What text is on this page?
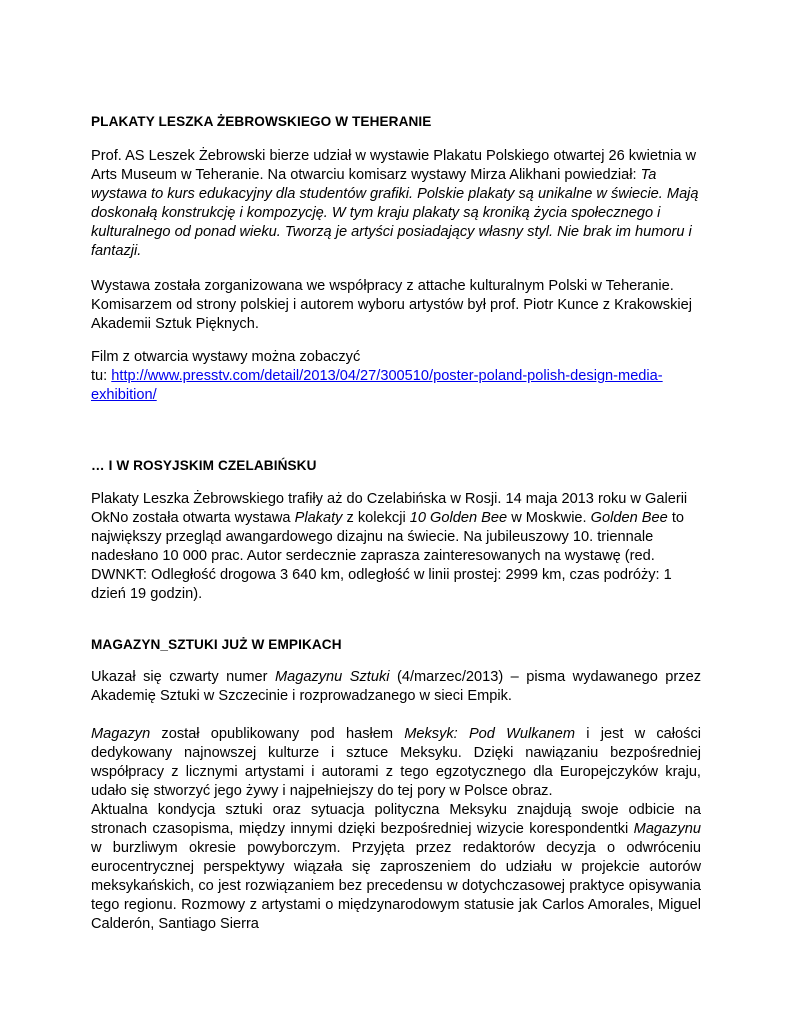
PLAKATY LESZKA ŻEBROWSKIEGO W TEHERANIE

Prof. AS Leszek Żebrowski bierze udział w wystawie Plakatu Polskiego otwartej 26 kwietnia w Arts Museum w Teheranie. Na otwarciu komisarz wystawy Mirza Alikhani powiedział: Ta wystawa to kurs edukacyjny dla studentów grafiki. Polskie plakaty są unikalne w świecie. Mają doskonałą konstrukcję i kompozycję. W tym kraju plakaty są kroniką życia społecznego i kulturalnego od ponad wieku. Tworzą je artyści posiadający własny styl. Nie brak im humoru i fantazji.

Wystawa została zorganizowana we współpracy z attache kulturalnym Polski w Teheranie. Komisarzem od strony polskiej i autorem wyboru artystów był prof. Piotr Kunce z Krakowskiej Akademii Sztuk Pięknych.

Film z otwarcia wystawy można zobaczyć
tu: http://www.presstv.com/detail/2013/04/27/300510/poster-poland-polish-design-media-exhibition/

… I W ROSYJSKIM CZELABIŃSKU

Plakaty Leszka Żebrowskiego trafiły aż do Czelabińska w Rosji. 14 maja 2013 roku w Galerii OkNo została otwarta wystawa Plakaty z kolekcji 10 Golden Bee w Moskwie. Golden Bee to największy przegląd awangardowego dizajnu na świecie. Na jubileuszowy 10. triennale nadesłano 10 000 prac. Autor serdecznie zaprasza zainteresowanych na wystawę (red. DWNKT: Odległość drogowa 3 640 km, odległość w linii prostej: 2999 km, czas podróży: 1 dzień 19 godzin).

MAGAZYN_SZTUKI JUŻ W EMPIKACH

Ukazał się czwarty numer Magazynu Sztuki (4/marzec/2013) – pisma wydawanego przez Akademię Sztuki w Szczecinie i rozprowadzanego w sieci Empik.

Magazyn został opublikowany pod hasłem Meksyk: Pod Wulkanem i jest w całości dedykowany najnowszej kulturze i sztuce Meksyku. Dzięki nawiązaniu bezpośredniej współpracy z licznymi artystami i autorami z tego egzotycznego dla Europejczyków kraju, udało się stworzyć jego żywy i najpełniejszy do tej pory w Polsce obraz.

Aktualna kondycja sztuki oraz sytuacja polityczna Meksyku znajdują swoje odbicie na stronach czasopisma, między innymi dzięki bezpośredniej wizycie korespondentki Magazynu w burzliwym okresie powyborczym. Przyjęta przez redaktorów decyzja o odwróceniu eurocentrycznej perspektywy wiązała się zaproszeniem do udziału w projekcie autorów meksykańskich, co jest rozwiązaniem bez precedensu w dotychczasowej praktyce opisywania tego regionu. Rozmowy z artystami o międzynarodowym statusie jak Carlos Amorales, Miguel Calderón, Santiago Sierra
